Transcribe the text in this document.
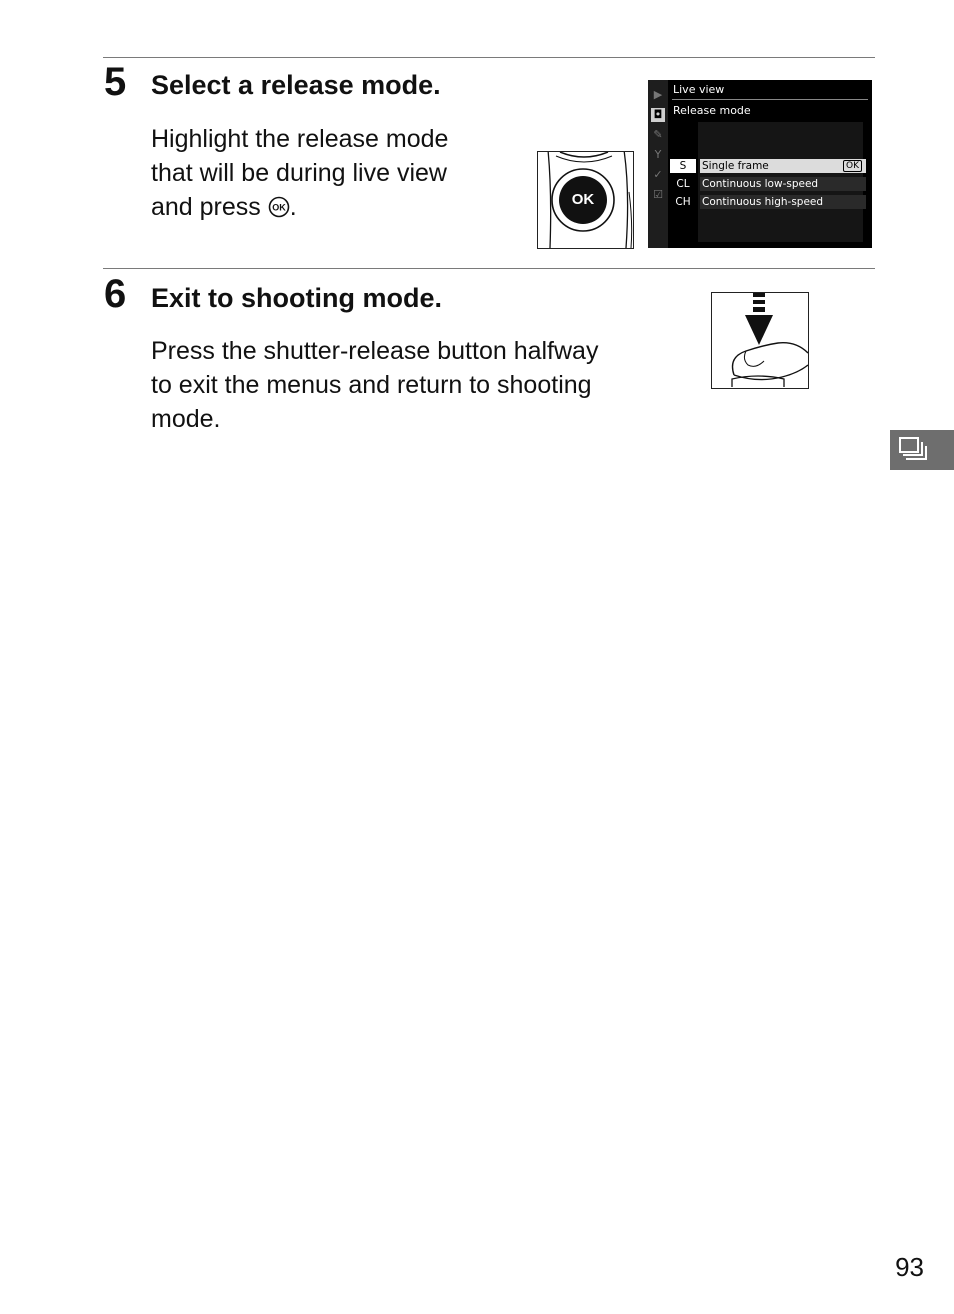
5 Select a release mode.
Highlight the release mode
that will be during live view
and press OK .	OK
▶
◘
✎
Y
✓
☑
Live view
Release mode
S	Single frame	OK
CL	Continuous low-speed
CH	Continuous high-speed
6 Exit to shooting mode.
Press the shutter-release button halfway
to exit the menus and return to shooting
mode.
93
